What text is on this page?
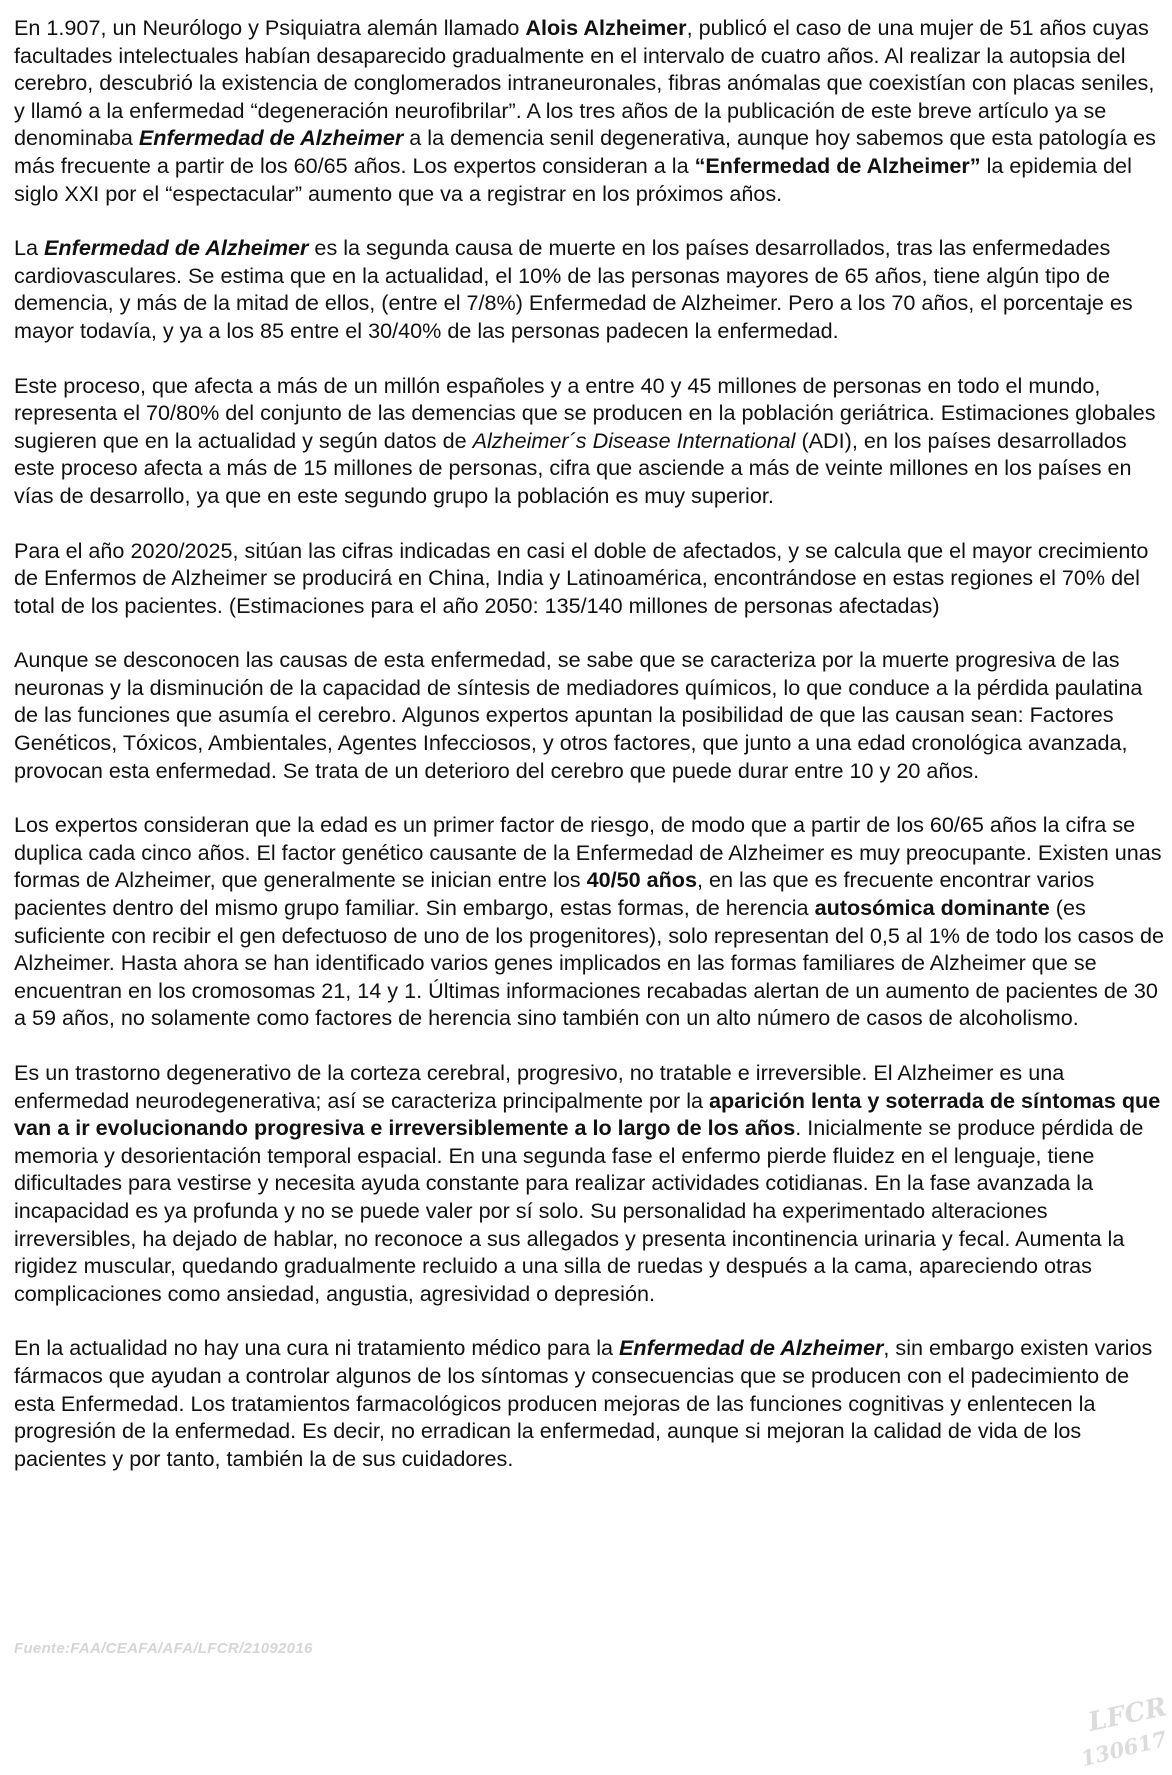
En 1.907, un Neurólogo y Psiquiatra alemán llamado Alois Alzheimer, publicó el caso de una mujer de 51 años cuyas facultades intelectuales habían desaparecido gradualmente en el intervalo de cuatro años. Al realizar la autopsia del cerebro, descubrió la existencia de conglomerados intraneuronales, fibras anómalas que coexistían con placas seniles, y llamó a la enfermedad “degeneración neurofibrilar”. A los tres años de la publicación de este breve artículo ya se denominaba Enfermedad de Alzheimer a la demencia senil degenerativa, aunque hoy sabemos que esta patología es más frecuente a partir de los 60/65 años. Los expertos consideran a la “Enfermedad de Alzheimer” la epidemia del siglo XXI por el “espectacular” aumento que va a registrar en los próximos años.

La Enfermedad de Alzheimer es la segunda causa de muerte en los países desarrollados, tras las enfermedades cardiovasculares. Se estima que en la actualidad, el 10% de las personas mayores de 65 años, tiene algún tipo de demencia, y más de la mitad de ellos, (entre el 7/8%) Enfermedad de Alzheimer. Pero a los 70 años, el porcentaje es mayor todavía, y ya a los 85 entre el 30/40% de las personas padecen la enfermedad.

Este proceso, que afecta a más de un millón españoles y a entre 40 y 45 millones de personas en todo el mundo, representa el 70/80% del conjunto de las demencias que se producen en la población geriátrica. Estimaciones globales sugieren que en la actualidad y según datos de Alzheimer´s Disease International (ADI), en los países desarrollados este proceso afecta a más de 15 millones de personas, cifra que asciende a más de veinte millones en los países en vías de desarrollo, ya que en este segundo grupo la población es muy superior.

Para el año 2020/2025, sitúan las cifras indicadas en casi el doble de afectados, y se calcula que el mayor crecimiento de Enfermos de Alzheimer se producirá en China, India y Latinoamérica, encontrándose en estas regiones el 70% del total de los pacientes. (Estimaciones para el año 2050: 135/140 millones de personas afectadas)

Aunque se desconocen las causas de esta enfermedad, se sabe que se caracteriza por la muerte progresiva de las neuronas y la disminución de la capacidad de síntesis de mediadores químicos, lo que conduce a la pérdida paulatina de las funciones que asumía el cerebro. Algunos expertos apuntan la posibilidad de que las causan sean: Factores Genéticos, Tóxicos, Ambientales, Agentes Infecciosos, y otros factores, que junto a una edad cronológica avanzada, provocan esta enfermedad. Se trata de un deterioro del cerebro que puede durar entre 10 y 20 años.

Los expertos consideran que la edad es un primer factor de riesgo, de modo que a partir de los 60/65 años la cifra se duplica cada cinco años. El factor genético causante de la Enfermedad de Alzheimer es muy preocupante. Existen unas formas de Alzheimer, que generalmente se inician entre los 40/50 años, en las que es frecuente encontrar varios pacientes dentro del mismo grupo familiar. Sin embargo, estas formas, de herencia autosómica dominante (es suficiente con recibir el gen defectuoso de uno de los progenitores), solo representan del 0,5 al 1% de todo los casos de Alzheimer. Hasta ahora se han identificado varios genes implicados en las formas familiares de Alzheimer que se encuentran en los cromosomas 21, 14 y 1. Últimas informaciones recabadas alertan de un aumento de pacientes de 30 a 59 años, no solamente como factores de herencia sino también con un alto número de casos de alcoholismo.

Es un trastorno degenerativo de la corteza cerebral, progresivo, no tratable e irreversible. El Alzheimer es una enfermedad neurodegenerativa; así se caracteriza principalmente por la aparición lenta y soterrada de síntomas que van a ir evolucionando progresiva e irreversiblemente a lo largo de los años. Inicialmente se produce pérdida de memoria y desorientación temporal espacial. En una segunda fase el enfermo pierde fluidez en el lenguaje, tiene dificultades para vestirse y necesita ayuda constante para realizar actividades cotidianas. En la fase avanzada la incapacidad es ya profunda y no se puede valer por sí solo. Su personalidad ha experimentado alteraciones irreversibles, ha dejado de hablar, no reconoce a sus allegados y presenta incontinencia urinaria y fecal. Aumenta la rigidez muscular, quedando gradualmente recluido a una silla de ruedas y después a la cama, apareciendo otras complicaciones como ansiedad, angustia, agresividad o depresión.

En la actualidad no hay una cura ni tratamiento médico para la Enfermedad de Alzheimer, sin embargo existen varios fármacos que ayudan a controlar algunos de los síntomas y consecuencias que se producen con el padecimiento de esta Enfermedad. Los tratamientos farmacológicos producen mejoras de las funciones cognitivas y enlentecen la progresión de la enfermedad. Es decir, no erradican la enfermedad, aunque si mejoran la calidad de vida de los pacientes y por tanto, también la de sus cuidadores.

Fuente:FAA/CEAFA/AFA/LFCR/21092016
LFCR
130617
